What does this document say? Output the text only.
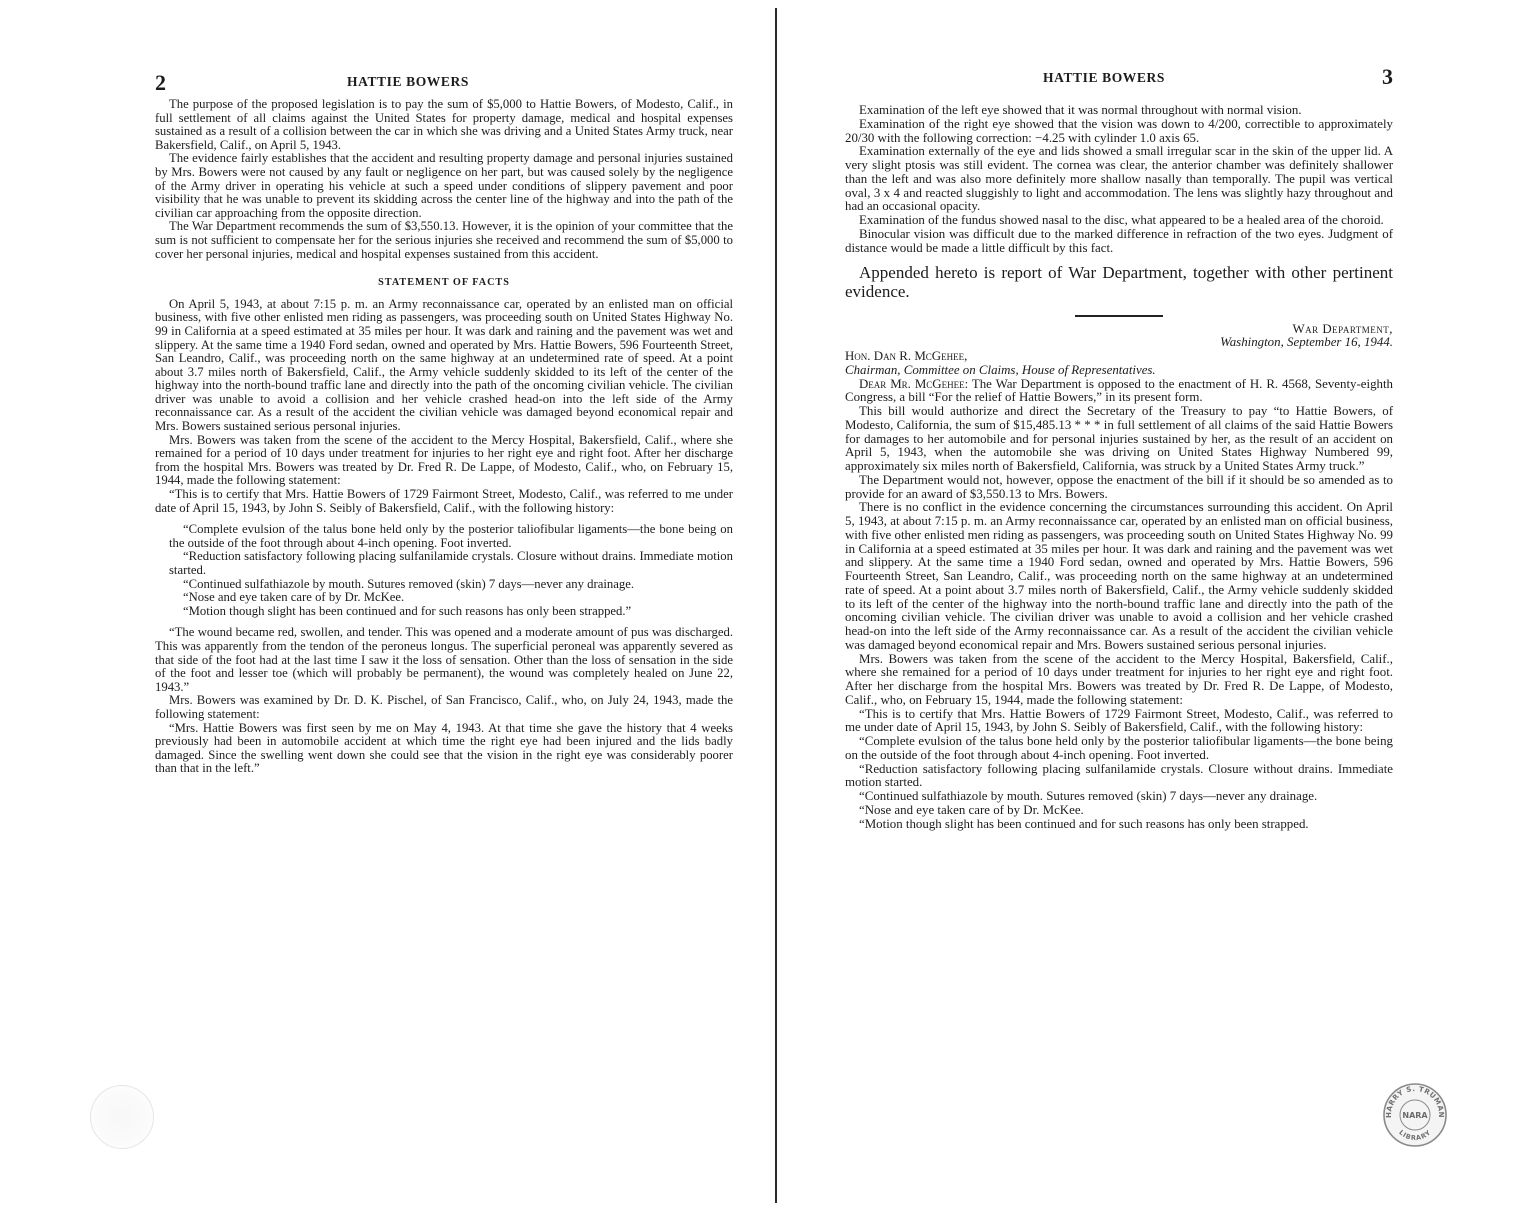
2	HATTIE BOWERS

The purpose of the proposed legislation is to pay the sum of $5,000 to Hattie Bowers, of Modesto, Calif., in full settlement of all claims against the United States for property damage, medical and hospital expenses sustained as a result of a collision between the car in which she was driving and a United States Army truck, near Bakersfield, Calif., on April 5, 1943.

The evidence fairly establishes that the accident and resulting property damage and personal injuries sustained by Mrs. Bowers were not caused by any fault or negligence on her part, but was caused solely by the negligence of the Army driver in operating his vehicle at such a speed under conditions of slippery pavement and poor visibility that he was unable to prevent its skidding across the center line of the highway and into the path of the civilian car approaching from the opposite direction.

The War Department recommends the sum of $3,550.13. However, it is the opinion of your committee that the sum is not sufficient to compensate her for the serious injuries she received and recommend the sum of $5,000 to cover her personal injuries, medical and hospital expenses sustained from this accident.

STATEMENT OF FACTS

On April 5, 1943, at about 7:15 p. m. an Army reconnaissance car, operated by an enlisted man on official business, with five other enlisted men riding as passengers, was proceeding south on United States Highway No. 99 in California at a speed estimated at 35 miles per hour. It was dark and raining and the pavement was wet and slippery. At the same time a 1940 Ford sedan, owned and operated by Mrs. Hattie Bowers, 596 Fourteenth Street, San Leandro, Calif., was proceeding north on the same highway at an undetermined rate of speed. At a point about 3.7 miles north of Bakersfield, Calif., the Army vehicle suddenly skidded to its left of the center of the highway into the north-bound traffic lane and directly into the path of the oncoming civilian vehicle. The civilian driver was unable to avoid a collision and her vehicle crashed head-on into the left side of the Army reconnaissance car. As a result of the accident the civilian vehicle was damaged beyond economical repair and Mrs. Bowers sustained serious personal injuries.

Mrs. Bowers was taken from the scene of the accident to the Mercy Hospital, Bakersfield, Calif., where she remained for a period of 10 days under treatment for injuries to her right eye and right foot. After her discharge from the hospital Mrs. Bowers was treated by Dr. Fred R. De Lappe, of Modesto, Calif., who, on February 15, 1944, made the following statement:

“This is to certify that Mrs. Hattie Bowers of 1729 Fairmont Street, Modesto, Calif., was referred to me under date of April 15, 1943, by John S. Seibly of Bakersfield, Calif., with the following history:

“Complete evulsion of the talus bone held only by the posterior taliofibular ligaments—the bone being on the outside of the foot through about 4-inch opening. Foot inverted.

“Reduction satisfactory following placing sulfanilamide crystals. Closure without drains. Immediate motion started.

“Continued sulfathiazole by mouth. Sutures removed (skin) 7 days—never any drainage.

“Nose and eye taken care of by Dr. McKee.

“Motion though slight has been continued and for such reasons has only been strapped.”

“The wound became red, swollen, and tender. This was opened and a moderate amount of pus was discharged. This was apparently from the tendon of the peroneus longus. The superficial peroneal was apparently severed as that side of the foot had at the last time I saw it the loss of sensation. Other than the loss of sensation in the side of the foot and lesser toe (which will probably be permanent), the wound was completely healed on June 22, 1943.”

Mrs. Bowers was examined by Dr. D. K. Pischel, of San Francisco, Calif., who, on July 24, 1943, made the following statement:

“Mrs. Hattie Bowers was first seen by me on May 4, 1943. At that time she gave the history that 4 weeks previously had been in automobile accident at which time the right eye had been injured and the lids badly damaged. Since the swelling went down she could see that the vision in the right eye was considerably poorer than that in the left.”

HATTIE BOWERS	3

Examination of the left eye showed that it was normal throughout with normal vision.

Examination of the right eye showed that the vision was down to 4/200, correctible to approximately 20/30 with the following correction: −4.25 with cylinder 1.0 axis 65.

Examination externally of the eye and lids showed a small irregular scar in the skin of the upper lid. A very slight ptosis was still evident. The cornea was clear, the anterior chamber was definitely shallower than the left and was also more definitely more shallow nasally than temporally. The pupil was vertical oval, 3 x 4 and reacted sluggishly to light and accommodation. The lens was slightly hazy throughout and had an occasional opacity.

Examination of the fundus showed nasal to the disc, what appeared to be a healed area of the choroid.

Binocular vision was difficult due to the marked difference in refraction of the two eyes. Judgment of distance would be made a little difficult by this fact.

Appended hereto is report of War Department, together with other pertinent evidence.

War Department,

Washington, September 16, 1944.

Hon. Dan R. McGehee,

Chairman, Committee on Claims, House of Representatives.

Dear Mr. McGehee: The War Department is opposed to the enactment of H. R. 4568, Seventy-eighth Congress, a bill “For the relief of Hattie Bowers,” in its present form.

This bill would authorize and direct the Secretary of the Treasury to pay “to Hattie Bowers, of Modesto, California, the sum of $15,485.13 * * * in full settlement of all claims of the said Hattie Bowers for damages to her automobile and for personal injuries sustained by her, as the result of an accident on April 5, 1943, when the automobile she was driving on United States Highway Numbered 99, approximately six miles north of Bakersfield, California, was struck by a United States Army truck.”

The Department would not, however, oppose the enactment of the bill if it should be so amended as to provide for an award of $3,550.13 to Mrs. Bowers.

There is no conflict in the evidence concerning the circumstances surrounding this accident. On April 5, 1943, at about 7:15 p. m. an Army reconnaissance car, operated by an enlisted man on official business, with five other enlisted men riding as passengers, was proceeding south on United States Highway No. 99 in California at a speed estimated at 35 miles per hour. It was dark and raining and the pavement was wet and slippery. At the same time a 1940 Ford sedan, owned and operated by Mrs. Hattie Bowers, 596 Fourteenth Street, San Leandro, Calif., was proceeding north on the same highway at an undetermined rate of speed. At a point about 3.7 miles north of Bakersfield, Calif., the Army vehicle suddenly skidded to its left of the center of the highway into the north-bound traffic lane and directly into the path of the oncoming civilian vehicle. The civilian driver was unable to avoid a collision and her vehicle crashed head-on into the left side of the Army reconnaissance car. As a result of the accident the civilian vehicle was damaged beyond economical repair and Mrs. Bowers sustained serious personal injuries.

Mrs. Bowers was taken from the scene of the accident to the Mercy Hospital, Bakersfield, Calif., where she remained for a period of 10 days under treatment for injuries to her right eye and right foot. After her discharge from the hospital Mrs. Bowers was treated by Dr. Fred R. De Lappe, of Modesto, Calif., who, on February 15, 1944, made the following statement:

“This is to certify that Mrs. Hattie Bowers of 1729 Fairmont Street, Modesto, Calif., was referred to me under date of April 15, 1943, by John S. Seibly of Bakersfield, Calif., with the following history:

“Complete evulsion of the talus bone held only by the posterior taliofibular ligaments—the bone being on the outside of the foot through about 4-inch opening. Foot inverted.

“Reduction satisfactory following placing sulfanilamide crystals. Closure without drains. Immediate motion started.

“Continued sulfathiazole by mouth. Sutures removed (skin) 7 days—never any drainage.

“Nose and eye taken care of by Dr. McKee.

“Motion though slight has been continued and for such reasons has only been strapped.

HARRY S. TRUMAN
LIBRARY
NARA
